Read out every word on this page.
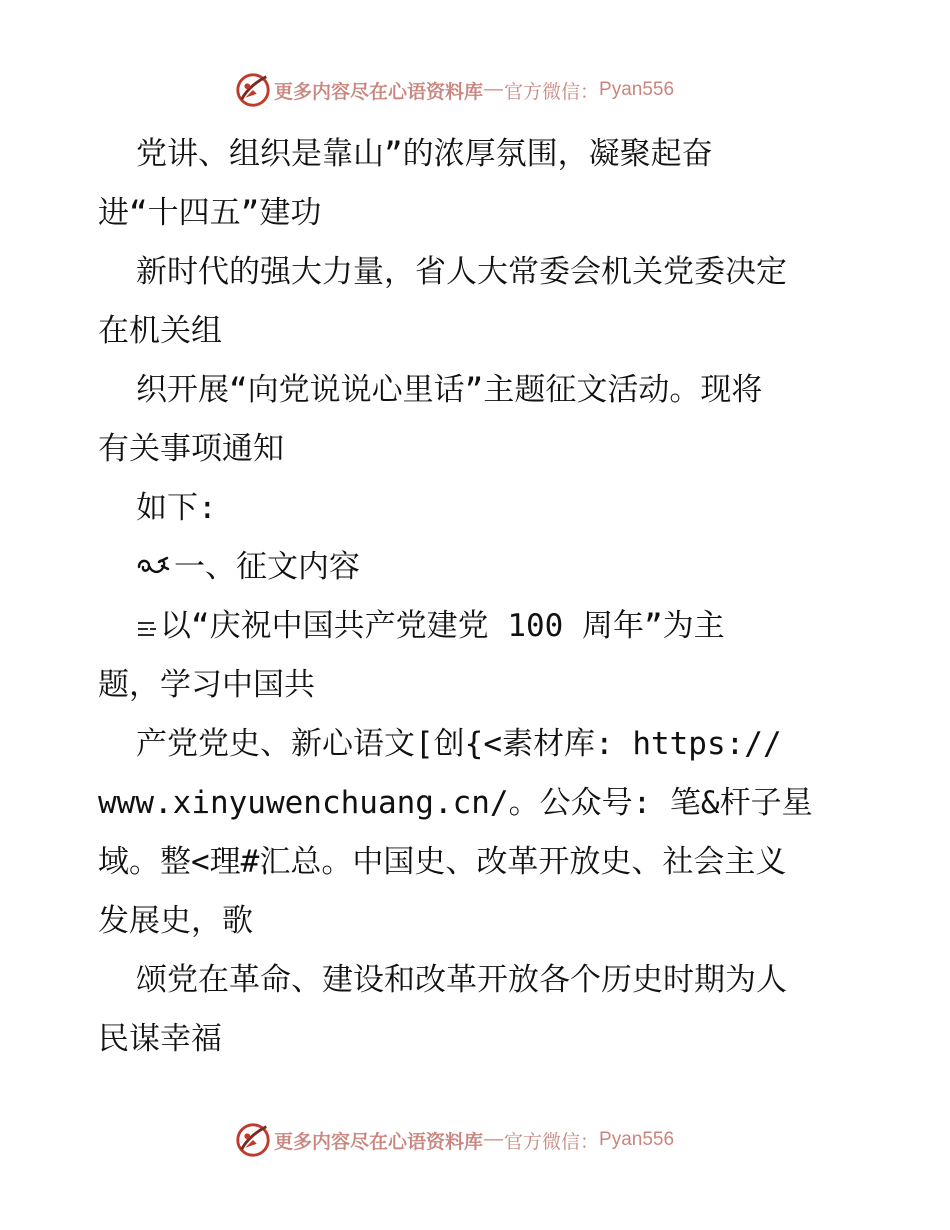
更多内容尽在心语资料库 — 官方微信： Pyan556
党讲、组织是靠山”的浓厚氛围，凝聚起奋
进“十四五”建功
新时代的强大力量，省人大常委会机关党委决定
在机关组
织开展“向党说说心里话”主题征文活动。现将
有关事项通知
如下:
一、征文内容
以“庆祝中国共产党建党 100 周年”为主
题，学习中国共
产党党史、新心语文[创{<素材库: https://
www.xinyuwenchuang.cn/。公众号: 笔&杆子星
域。整<理#汇总。中国史、改革开放史、社会主义
发展史，歌
颂党在革命、建设和改革开放各个历史时期为人
民谋幸福
更多内容尽在心语资料库 — 官方微信： Pyan556
